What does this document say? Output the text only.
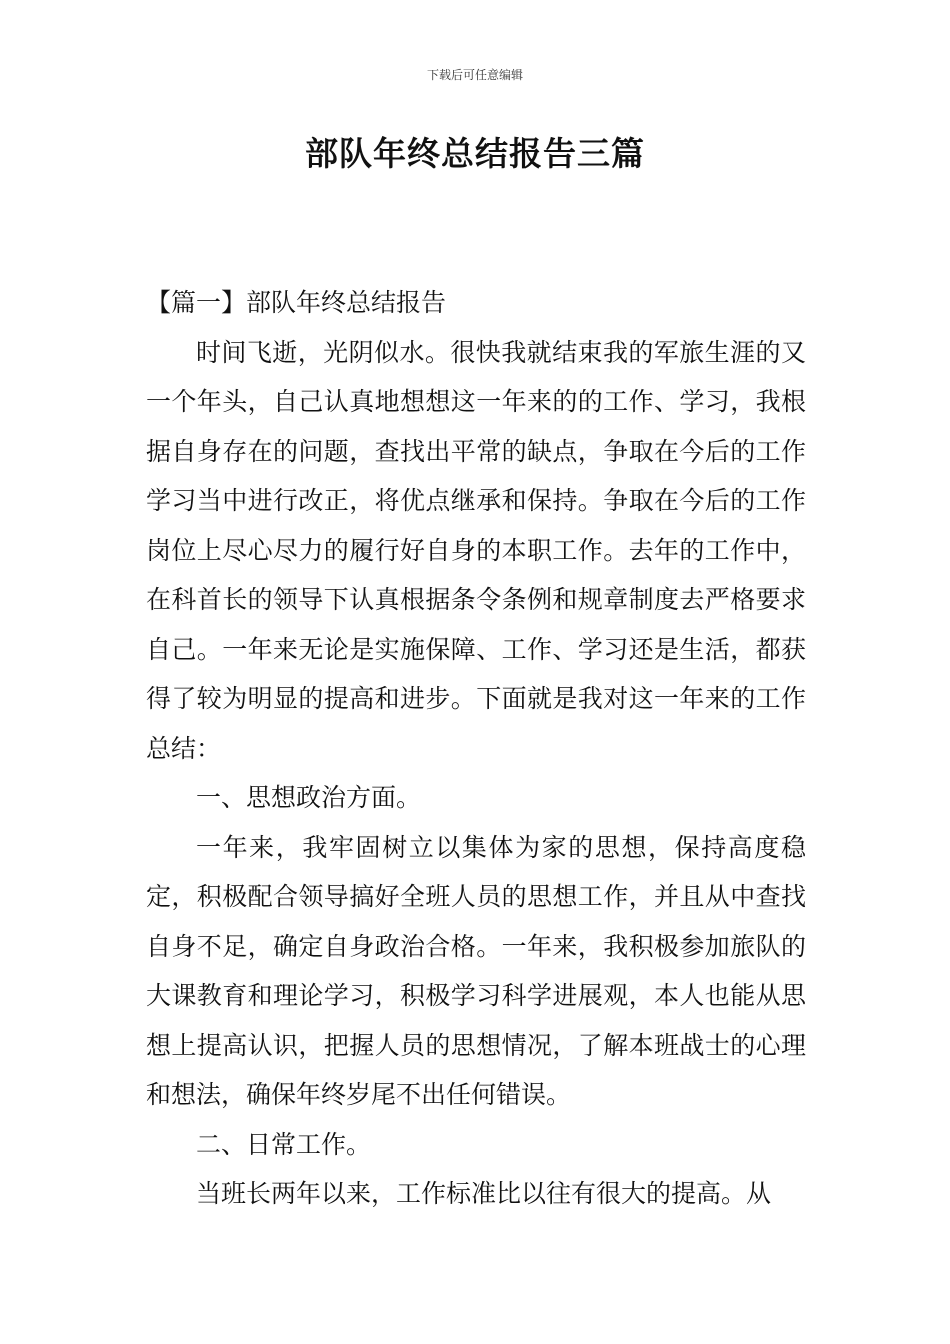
下载后可任意编辑
部队年终总结报告三篇

【篇一】部队年终总结报告

时间飞逝，光阴似水。很快我就结束我的军旅生涯的又一个年头，自己认真地想想这一年来的的工作、学习，我根据自身存在的问题，查找出平常的缺点，争取在今后的工作学习当中进行改正，将优点继承和保持。争取在今后的工作岗位上尽心尽力的履行好自身的本职工作。去年的工作中，在科首长的领导下认真根据条令条例和规章制度去严格要求自己。一年来无论是实施保障、工作、学习还是生活，都获得了较为明显的提高和进步。下面就是我对这一年来的工作总结：

一、思想政治方面。

一年来，我牢固树立以集体为家的思想，保持高度稳定，积极配合领导搞好全班人员的思想工作，并且从中查找自身不足，确定自身政治合格。一年来，我积极参加旅队的大课教育和理论学习，积极学习科学进展观，本人也能从思想上提高认识，把握人员的思想情况，了解本班战士的心理和想法，确保年终岁尾不出任何错误。

二、日常工作。

当班长两年以来，工作标准比以往有很大的提高。从
